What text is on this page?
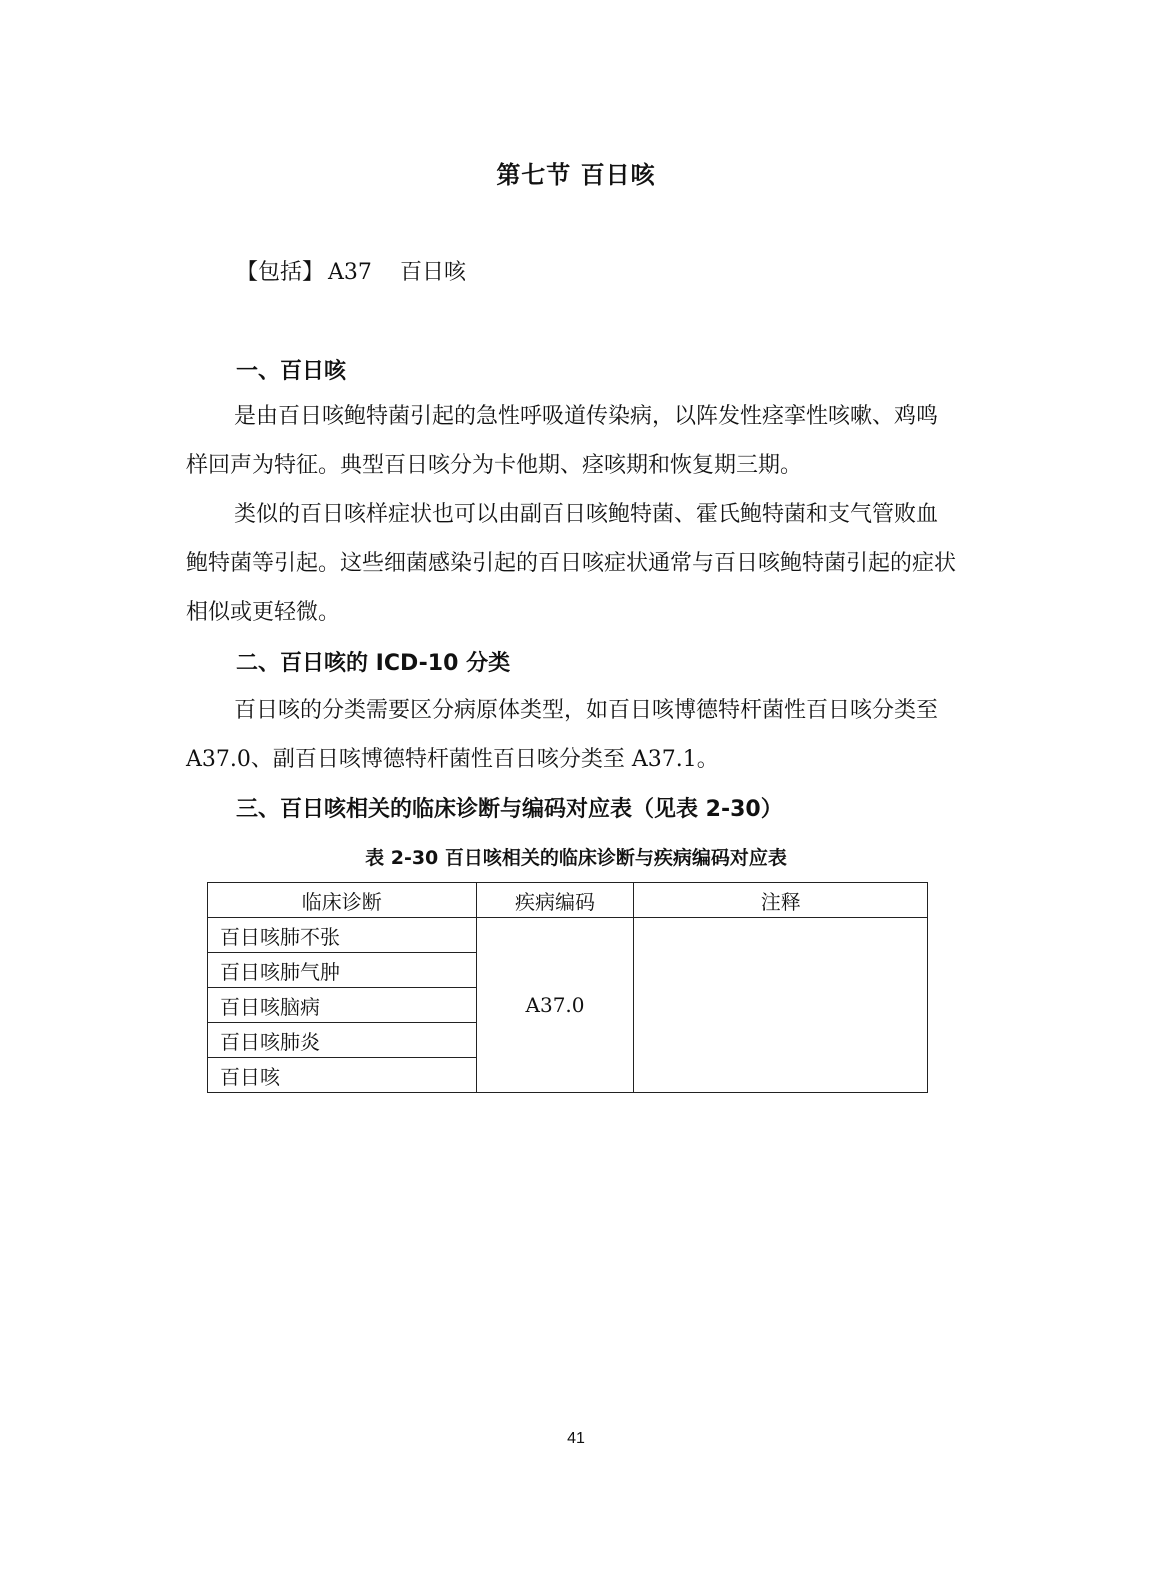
第七节 百日咳
【包括】 A37 百日咳
一、百日咳

是由百日咳鲍特菌引起的急性呼吸道传染病，以阵发性痉挛性咳嗽、鸡鸣样回声为特征。典型百日咳分为卡他期、痉咳期和恢复期三期。

类似的百日咳样症状也可以由副百日咳鲍特菌、霍氏鲍特菌和支气管败血鲍特菌等引起。这些细菌感染引起的百日咳症状通常与百日咳鲍特菌引起的症状相似或更轻微。

二、百日咳的 ICD-10 分类

百日咳的分类需要区分病原体类型，如百日咳博德特杆菌性百日咳分类至 A37.0、副百日咳博德特杆菌性百日咳分类至 A37.1。

三、百日咳相关的临床诊断与编码对应表（见表 2-30）
表 2-30 百日咳相关的临床诊断与疾病编码对应表
临床诊断	疾病编码	注释
百日咳肺不张	A37.0	
百日咳肺气肿		
百日咳脑病		
百日咳肺炎		
百日咳		
41
